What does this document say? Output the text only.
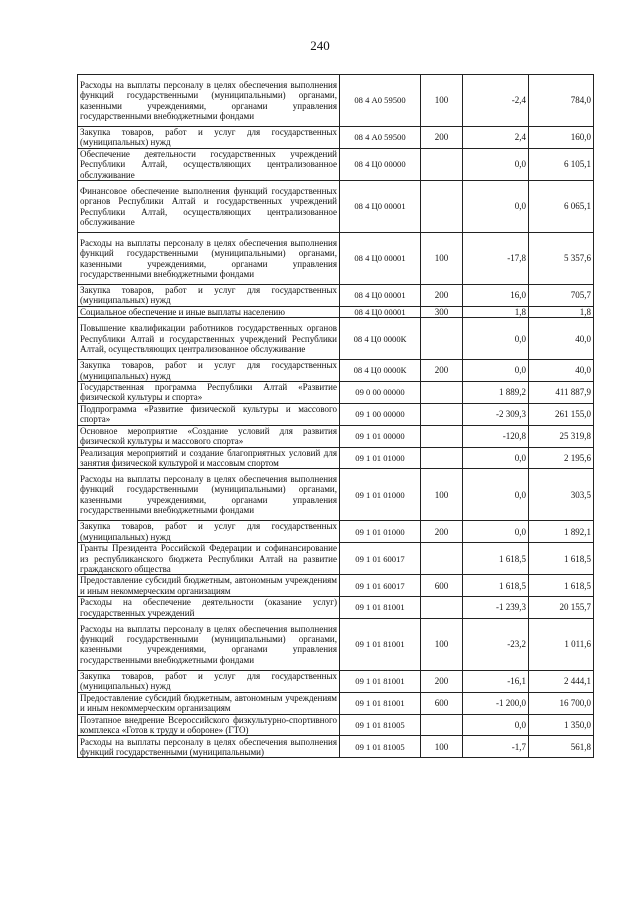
240
Расходы на выплаты персоналу в целях обеспечения выполнения функций государственными (муниципальными) органами, казенными учреждениями, органами управления государственными внебюджетными фондами	08 4 А0 59500	100	-2,4	784,0
Закупка товаров, работ и услуг для государственных (муниципальных) нужд	08 4 А0 59500	200	2,4	160,0
Обеспечение деятельности государственных учреждений Республики Алтай, осуществляющих централизованное обслуживание	08 4 Ц0 00000		0,0	6 105,1
Финансовое обеспечение выполнения функций государственных органов Республики Алтай и государственных учреждений Республики Алтай, осуществляющих централизованное обслуживание	08 4 Ц0 00001		0,0	6 065,1
Расходы на выплаты персоналу в целях обеспечения выполнения функций государственными (муниципальными) органами, казенными учреждениями, органами управления государственными внебюджетными фондами	08 4 Ц0 00001	100	-17,8	5 357,6
Закупка товаров, работ и услуг для государственных (муниципальных) нужд	08 4 Ц0 00001	200	16,0	705,7
Социальное обеспечение и иные выплаты населению	08 4 Ц0 00001	300	1,8	1,8
Повышение квалификации работников государственных органов Республики Алтай и государственных учреждений Республики Алтай, осуществляющих централизованное обслуживание	08 4 Ц0 0000К		0,0	40,0
Закупка товаров, работ и услуг для государственных (муниципальных) нужд	08 4 Ц0 0000К	200	0,0	40,0
Государственная программа Республики Алтай «Развитие физической культуры и спорта»	09 0 00 00000		1 889,2	411 887,9
Подпрограмма «Развитие физической культуры и массового спорта»	09 1 00 00000		-2 309,3	261 155,0
Основное мероприятие «Создание условий для развития физической культуры и массового спорта»	09 1 01 00000		-120,8	25 319,8
Реализация мероприятий и создание благоприятных условий для занятия физической культурой и массовым спортом	09 1 01 01000		0,0	2 195,6
Расходы на выплаты персоналу в целях обеспечения выполнения функций государственными (муниципальными) органами, казенными учреждениями, органами управления государственными внебюджетными фондами	09 1 01 01000	100	0,0	303,5
Закупка товаров, работ и услуг для государственных (муниципальных) нужд	09 1 01 01000	200	0,0	1 892,1
Гранты Президента Российской Федерации и софинансирование из республиканского бюджета Республики Алтай на развитие гражданского общества	09 1 01 60017		1 618,5	1 618,5
Предоставление субсидий бюджетным, автономным учреждениям и иным некоммерческим организациям	09 1 01 60017	600	1 618,5	1 618,5
Расходы на обеспечение деятельности (оказание услуг) государственных учреждений	09 1 01 81001		-1 239,3	20 155,7
Расходы на выплаты персоналу в целях обеспечения выполнения функций государственными (муниципальными) органами, казенными учреждениями, органами управления государственными внебюджетными фондами	09 1 01 81001	100	-23,2	1 011,6
Закупка товаров, работ и услуг для государственных (муниципальных) нужд	09 1 01 81001	200	-16,1	2 444,1
Предоставление субсидий бюджетным, автономным учреждениям и иным некоммерческим организациям	09 1 01 81001	600	-1 200,0	16 700,0
Поэтапное внедрение Всероссийского физкультурно-спортивного комплекса «Готов к труду и обороне» (ГТО)	09 1 01 81005		0,0	1 350,0
Расходы на выплаты персоналу в целях обеспечения выполнения функций государственными (муниципальными)	09 1 01 81005	100	-1,7	561,8
